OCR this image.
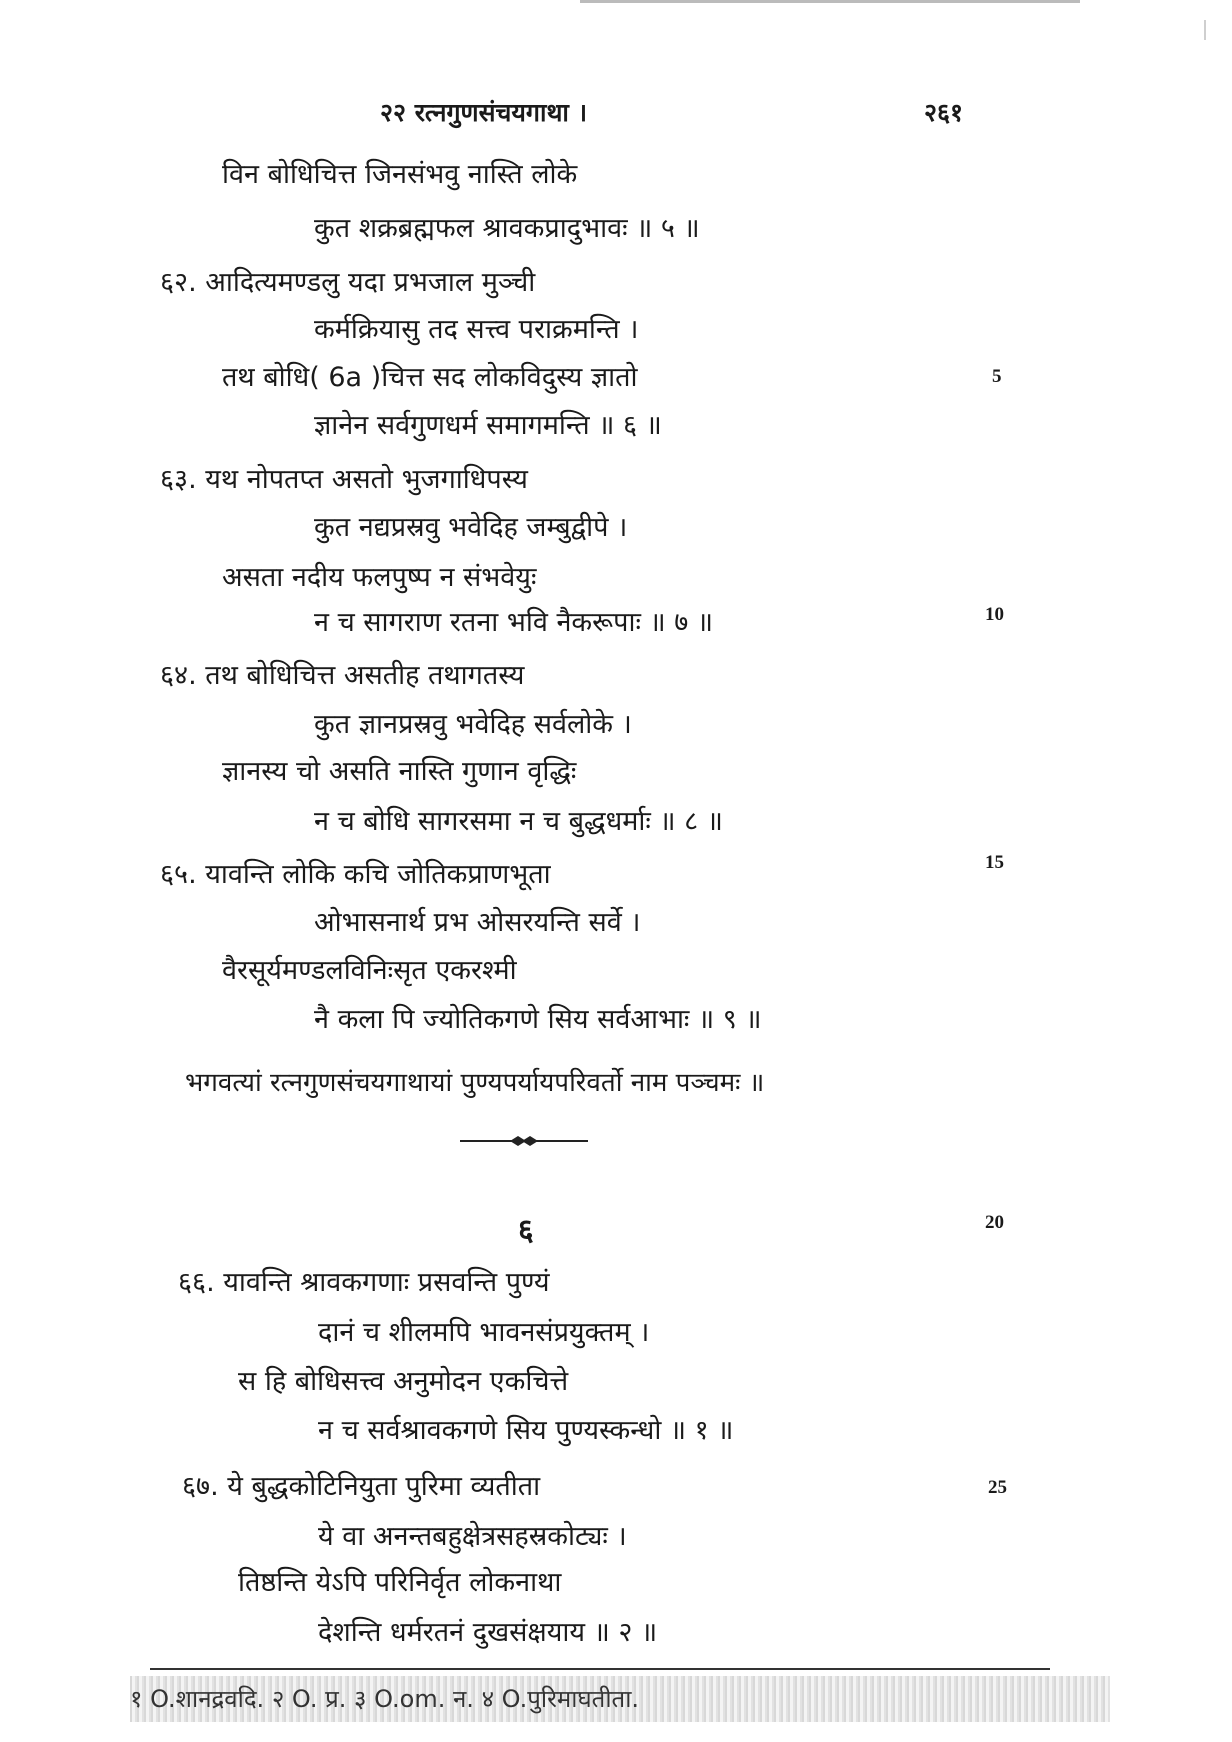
२२ रत्नगुणसंचयगाथा ।	२६१
विन बोधिचित्त जिनसंभवु नास्ति लोके
कुत शक्रब्रह्मफल श्रावकप्रादुभावः ॥ ५ ॥
६२. आदित्यमण्डलु यदा प्रभजाल मुञ्ची
कर्मक्रियासु तद सत्त्व पराक्रमन्ति ।
तथ बोधि( 6a )चित्त सद लोकविदुस्य ज्ञातो
ज्ञानेन सर्वगुणधर्म समागमन्ति ॥ ६ ॥
६३. यथ नोपतप्त असतो भुजगाधिपस्य
कुत नद्यप्रस्रवु भवेदिह जम्बुद्वीपे ।
असता नदीय फलपुष्प न संभवेयुः
न च सागराण रतना भवि नैकरूपाः ॥ ७ ॥
६४. तथ बोधिचित्त असतीह तथागतस्य
कुत ज्ञानप्रस्रवु भवेदिह सर्वलोके ।
ज्ञानस्य चो असति नास्ति गुणान वृद्धिः
न च बोधि सागरसमा न च बुद्धधर्माः ॥ ८ ॥
६५. यावन्ति लोकि कचि जोतिकप्राणभूता
ओभासनार्थ प्रभ ओसरयन्ति सर्वे ।
वैरसूर्यमण्डलविनिःसृत एकरश्मी
नै कला पि ज्योतिकगणे सिय सर्वआभाः ॥ ९ ॥
भगवत्यां रत्नगुणसंचयगाथायां पुण्यपर्यायपरिवर्तो नाम पञ्चमः ॥
६
६६. यावन्ति श्रावकगणाः प्रसवन्ति पुण्यं
दानं च शीलमपि भावनसंप्रयुक्तम् ।
स हि बोधिसत्त्व अनुमोदन एकचित्ते
न च सर्वश्रावकगणे सिय पुण्यस्कन्धो ॥ १ ॥
६७. ये बुद्धकोटिनियुता पुरिमा व्यतीता
ये वा अनन्तबहुक्षेत्रसहस्रकोट्यः ।
तिष्ठन्ति येऽपि परिनिर्वृत लोकनाथा
देशन्ति धर्मरतनं दुखसंक्षयाय ॥ २ ॥
5
10
15
20
25
१ O.शानद्रवदि. २ O. प्र. ३ O.om. न. ४ O.पुरिमाघतीता.
